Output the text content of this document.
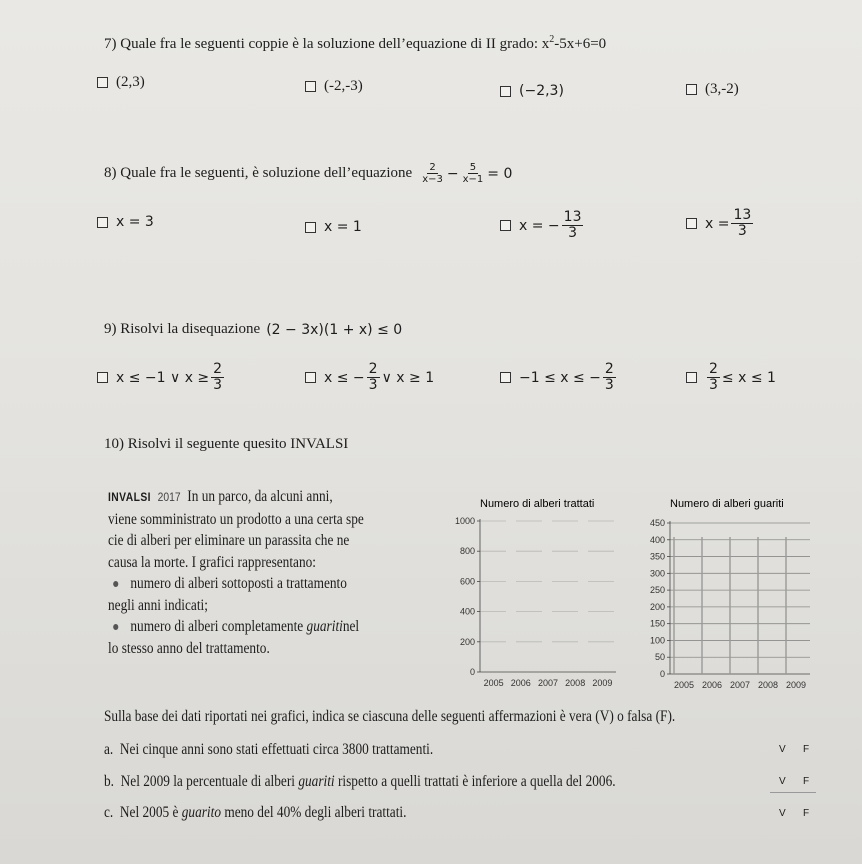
7) Quale fra le seguenti coppie è la soluzione dell’equazione di II grado: $x^2-5x+6=0$
(2,3)	(-2,-3)	(−2,3)	(3,-2)
8) Quale fra le seguenti, è soluzione dell’equazione $\frac{2}{x-3} - \frac{5}{x-1} = 0$
x = 3	x = 1	x = − $\frac{13}{3}$	$x = \frac{13}{3}$
9) Risolvi la disequazione (2 − 3x)(1 + x) ≤ 0
x ≤ −1 ∨ $x \ge \frac{2}{3}$	x ≤ − $\frac{2}{3}$ ∨ x ≥ 1	−1 ≤ x ≤ − $\frac{2}{3}$	$\frac{2}{3} \le x \le 1$
10) Risolvi il seguente quesito INVALSI
INVALSI 2017 In un parco, da alcuni anni,
viene somministrato un prodotto a una certa spe
cie di alberi per eliminare un parassita che ne
causa la morte. I grafici rappresentano:
numero di alberi sottoposti a trattamento
negli anni indicati;
numero di alberi completamente
guariti nel
lo stesso anno del trattamento.
Numero di alberi trattati
0
200
400
600
800
1000
2005 2006 2007 2008 2009
Numero di alberi guariti
0
50
100
150
200
250
300
350
400
450
2005 2006 2007 2008 2009
Sulla base dei dati riportati nei grafici, indica se ciascuna delle seguenti affermazioni è vera (V) o falsa (F).
a. Nei cinque anni sono stati effettuati circa 3800 trattamenti.
b. Nel 2009 la percentuale di alberi guariti rispetto a quelli trattati è inferiore a quella del 2006.
c. Nel 2005 è guarito meno del 40% degli alberi trattati.
V F
V F
V F
